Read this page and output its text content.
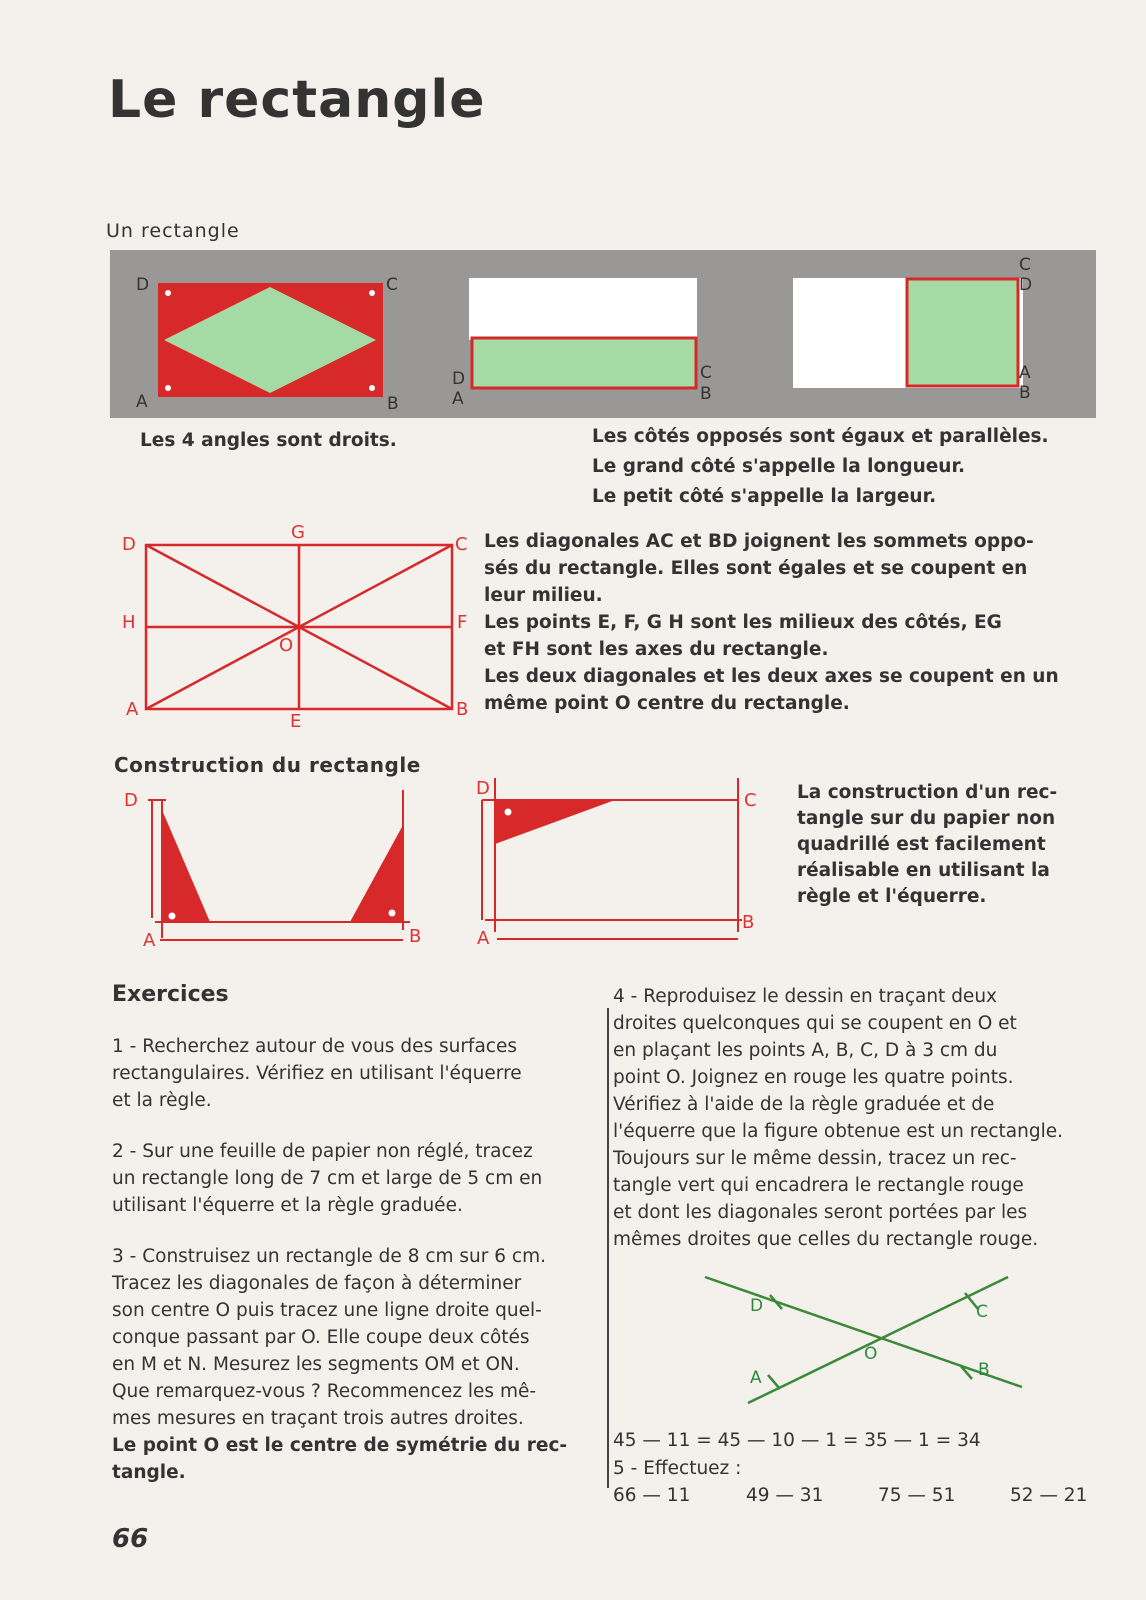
Le rectangle
Un rectangle
D	C
A	B
D
A
C
B
C
D
A
B
Les 4 angles sont droits.	Les côtés opposés sont égaux et parallèles.
Le grand côté s'appelle la longueur.
Le petit côté s'appelle la largeur.
D
G
C
H
O
F
A
E
B
Les diagonales AC et BD joignent les sommets oppo-
sés du rectangle. Elles sont égales et se coupent en
leur milieu.
Les points E, F, G H sont les milieux des côtés, EG
et FH sont les axes du rectangle.
Les deux diagonales et les deux axes se coupent en un
même point O centre du rectangle.
Construction du rectangle
D
A	B
D
C
A
B
La construction d'un rec-
tangle sur du papier non
quadrillé est facilement
réalisable en utilisant la
règle et l'équerre.
Exercices
1 - Recherchez autour de vous des surfaces
rectangulaires. Vérifiez en utilisant l'équerre
et la règle.
2 - Sur une feuille de papier non réglé, tracez
un rectangle long de 7 cm et large de 5 cm en
utilisant l'équerre et la règle graduée.
3 - Construisez un rectangle de 8 cm sur 6 cm.
Tracez les diagonales de façon à déterminer
son centre O puis tracez une ligne droite quel-
conque passant par O. Elle coupe deux côtés
en M et N. Mesurez les segments OM et ON.
Que remarquez-vous ? Recommencez les mê-
mes mesures en traçant trois autres droites.
Le point O est le centre de symétrie du rec-
tangle.
4 - Reproduisez le dessin en traçant deux
droites quelconques qui se coupent en O et
en plaçant les points A, B, C, D à 3 cm du
point O. Joignez en rouge les quatre points.
Vérifiez à l'aide de la règle graduée et de
l'équerre que la figure obtenue est un rectangle.
Toujours sur le même dessin, tracez un rec-
tangle vert qui encadrera le rectangle rouge
et dont les diagonales seront portées par les
mêmes droites que celles du rectangle rouge.
D	C
O
A	B
45 — 11 = 45 — 10 — 1 = 35 — 1 = 34
5 - Effectuez :
66 — 11	49 — 31	75 — 51	52 — 21
66
